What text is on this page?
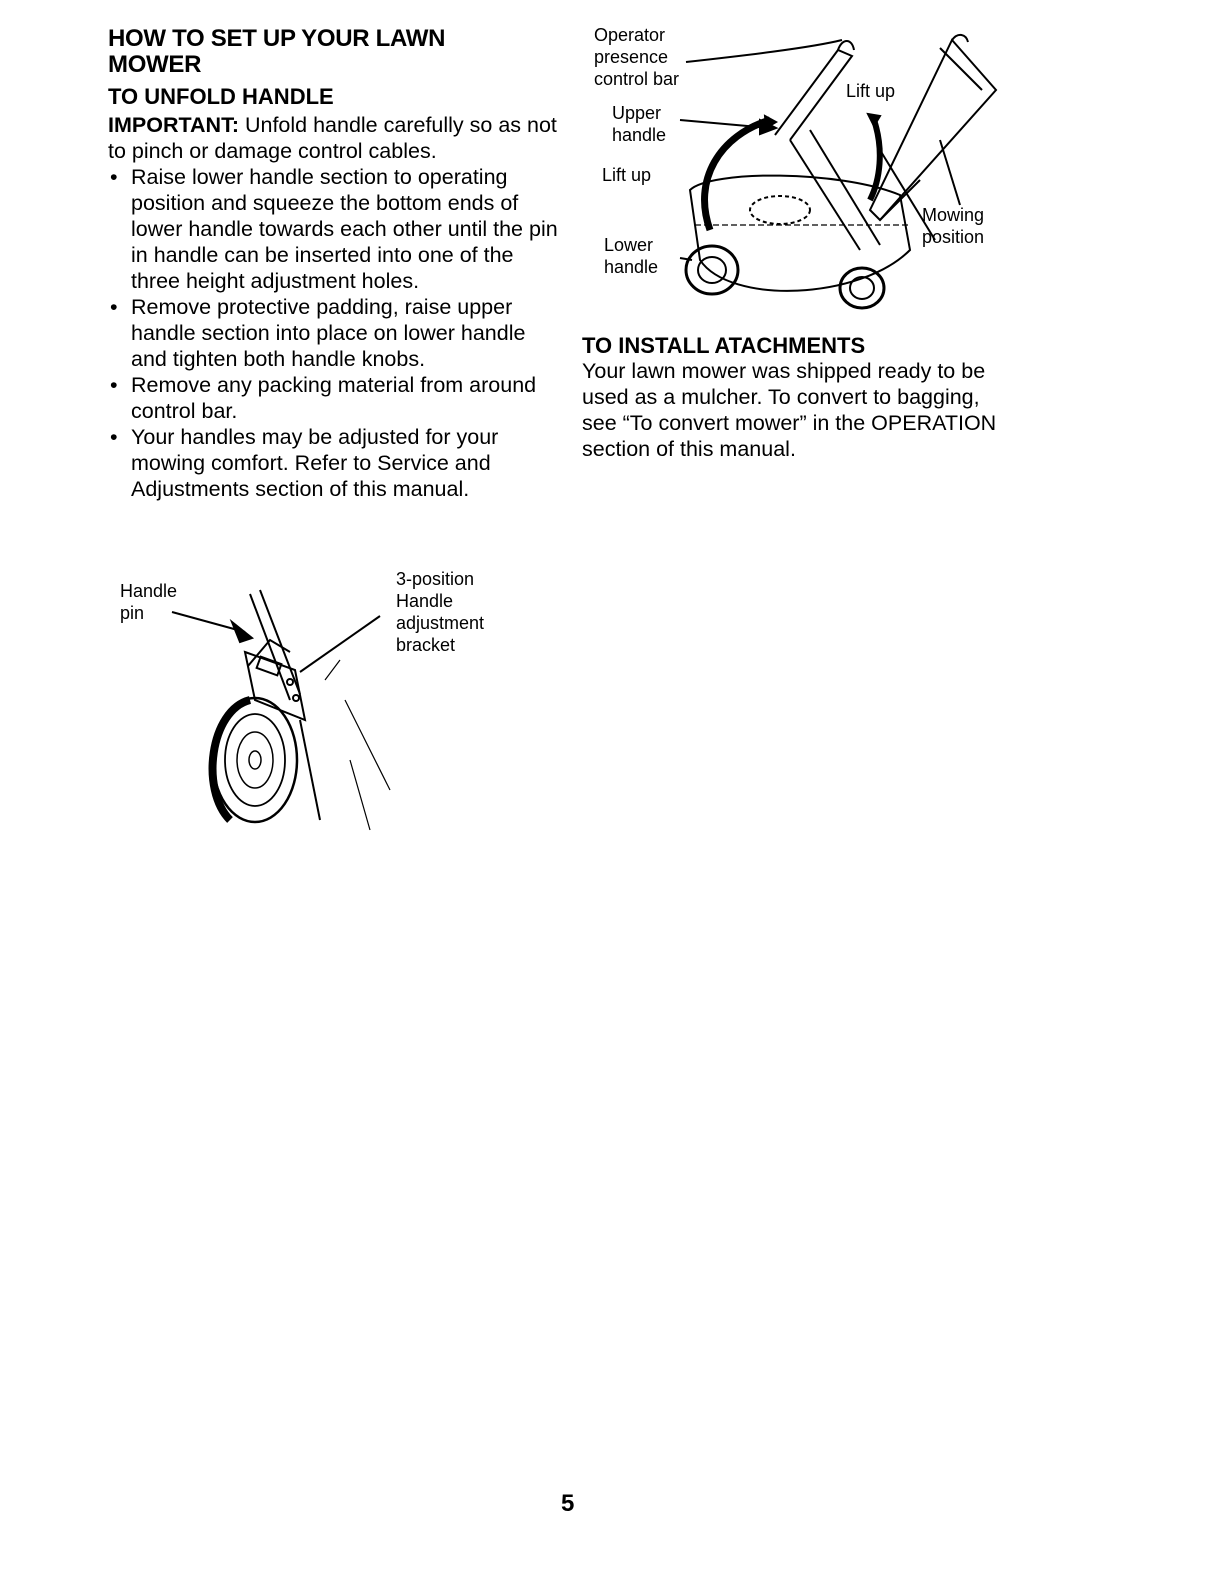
HOW TO SET UP YOUR LAWN MOWER
TO UNFOLD HANDLE

IMPORTANT: Unfold handle carefully so as not to pinch or damage control cables.

• Raise lower handle section to operating position and squeeze the bottom ends of lower handle towards each other until the pin in handle can be inserted into one of the three height adjustment holes.
• Remove protective padding, raise upper handle section into place on lower handle and tighten both handle knobs.
• Remove any packing material from around control bar.
• Your handles may be adjusted for your mowing comfort. Refer to Service and Adjustments section of this manual.
Handle
pin
3-position
Handle
adjustment
bracket
Operator
presence
control bar
Upper
handle
Lift up
Lower
handle
Lift up
Mowing
position
TO INSTALL ATACHMENTS

Your lawn mower was shipped ready to be used as a mulcher. To convert to bagging, see “To convert mower” in the OPERATION section of this manual.

5
